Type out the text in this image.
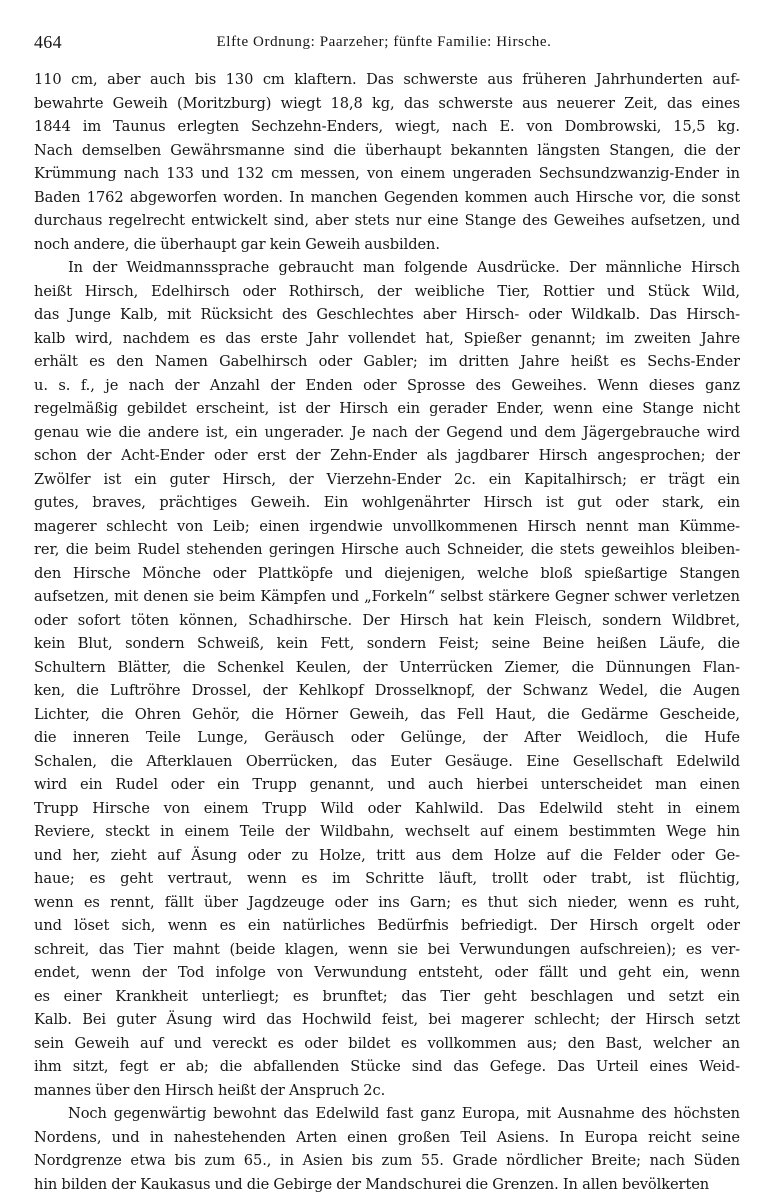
464	Elfte Ordnung: Paarzeher; fünfte Familie: Hirsche.
110 cm, aber auch bis 130 cm klaftern. Das schwerste aus früheren Jahrhunderten auf-
bewahrte Geweih (Moritzburg) wiegt 18,8 kg, das schwerste aus neuerer Zeit, das eines
1844 im Taunus erlegten Sechzehn-Enders, wiegt, nach E. von Dombrowski, 15,5 kg.
Nach demselben Gewährsmanne sind die überhaupt bekannten längsten Stangen, die der
Krümmung nach 133 und 132 cm messen, von einem ungeraden Sechsundzwanzig-Ender in
Baden 1762 abgeworfen worden. In manchen Gegenden kommen auch Hirsche vor, die sonst
durchaus regelrecht entwickelt sind, aber stets nur eine Stange des Geweihes aufsetzen, und
noch andere, die überhaupt gar kein Geweih ausbilden.
In der Weidmannssprache gebraucht man folgende Ausdrücke. Der männliche Hirsch
heißt Hirsch, Edelhirsch oder Rothirsch, der weibliche Tier, Rottier und Stück Wild,
das Junge Kalb, mit Rücksicht des Geschlechtes aber Hirsch- oder Wildkalb. Das Hirsch-
kalb wird, nachdem es das erste Jahr vollendet hat, Spießer genannt; im zweiten Jahre
erhält es den Namen Gabelhirsch oder Gabler; im dritten Jahre heißt es Sechs-Ender
u. s. f., je nach der Anzahl der Enden oder Sprosse des Geweihes. Wenn dieses ganz
regelmäßig gebildet erscheint, ist der Hirsch ein gerader Ender, wenn eine Stange nicht
genau wie die andere ist, ein ungerader. Je nach der Gegend und dem Jägergebrauche wird
schon der Acht-Ender oder erst der Zehn-Ender als jagdbarer Hirsch angesprochen; der
Zwölfer ist ein guter Hirsch, der Vierzehn-Ender 2c. ein Kapitalhirsch; er trägt ein
gutes, braves, prächtiges Geweih. Ein wohlgenährter Hirsch ist gut oder stark, ein
magerer schlecht von Leib; einen irgendwie unvollkommenen Hirsch nennt man Kümme-
rer, die beim Rudel stehenden geringen Hirsche auch Schneider, die stets geweihlos bleiben-
den Hirsche Mönche oder Plattköpfe und diejenigen, welche bloß spießartige Stangen
aufsetzen, mit denen sie beim Kämpfen und „Forkeln“ selbst stärkere Gegner schwer verletzen
oder sofort töten können, Schadhirsche. Der Hirsch hat kein Fleisch, sondern Wildbret,
kein Blut, sondern Schweiß, kein Fett, sondern Feist; seine Beine heißen Läufe, die
Schultern Blätter, die Schenkel Keulen, der Unterrücken Ziemer, die Dünnungen Flan-
ken, die Luftröhre Drossel, der Kehlkopf Drosselknopf, der Schwanz Wedel, die Augen
Lichter, die Ohren Gehör, die Hörner Geweih, das Fell Haut, die Gedärme Gescheide,
die inneren Teile Lunge, Geräusch oder Gelünge, der After Weidloch, die Hufe
Schalen, die Afterklauen Oberrücken, das Euter Gesäuge. Eine Gesellschaft Edelwild
wird ein Rudel oder ein Trupp genannt, und auch hierbei unterscheidet man einen
Trupp Hirsche von einem Trupp Wild oder Kahlwild. Das Edelwild steht in einem
Reviere, steckt in einem Teile der Wildbahn, wechselt auf einem bestimmten Wege hin
und her, zieht auf Äsung oder zu Holze, tritt aus dem Holze auf die Felder oder Ge-
haue; es geht vertraut, wenn es im Schritte läuft, trollt oder trabt, ist flüchtig,
wenn es rennt, fällt über Jagdzeuge oder ins Garn; es thut sich nieder, wenn es ruht,
und löset sich, wenn es ein natürliches Bedürfnis befriedigt. Der Hirsch orgelt oder
schreit, das Tier mahnt (beide klagen, wenn sie bei Verwundungen aufschreien); es ver-
endet, wenn der Tod infolge von Verwundung entsteht, oder fällt und geht ein, wenn
es einer Krankheit unterliegt; es brunftet; das Tier geht beschlagen und setzt ein
Kalb. Bei guter Äsung wird das Hochwild feist, bei magerer schlecht; der Hirsch setzt
sein Geweih auf und vereckt es oder bildet es vollkommen aus; den Bast, welcher an
ihm sitzt, fegt er ab; die abfallenden Stücke sind das Gefege. Das Urteil eines Weid-
mannes über den Hirsch heißt der Anspruch 2c.
Noch gegenwärtig bewohnt das Edelwild fast ganz Europa, mit Ausnahme des höchsten
Nordens, und in nahestehenden Arten einen großen Teil Asiens. In Europa reicht seine
Nordgrenze etwa bis zum 65., in Asien bis zum 55. Grade nördlicher Breite; nach Süden
hin bilden der Kaukasus und die Gebirge der Mandschurei die Grenzen. In allen bevölkerten
